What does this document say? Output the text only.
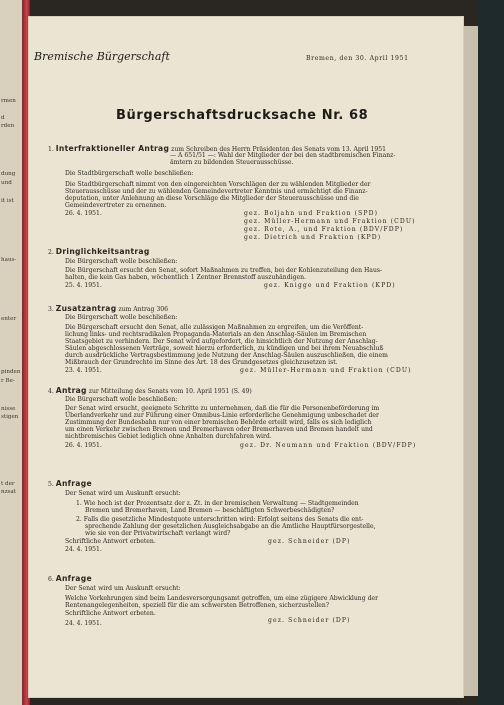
rmen
d
rden
dung
und
it ist
haus-
enter
pinden
r Be-
nisse
stigen
t der
nzsat
Bremische Bürgerschaft	Bremen, den 30. April 1951
Bürgerschaftsdrucksache Nr. 68
1. Interfraktioneller Antrag zum Schreiben des Herrn Präsidenten des Senats vom 13. April 1951
— A 651/51 —: Wahl der Mitglieder der bei den stadtbremischen Finanz-
ämtern zu bildenden Steuerausschüsse.
Die Stadtbürgerschaft wolle beschließen:
Die Stadtbürgerschaft nimmt von den eingereichten Vorschlägen der zu wählenden Mitglieder der
Steuerausschüsse und der zu wählenden Gemeindevertreter Kenntnis und ermächtigt die Finanz-
deputation, unter Anlehnung an diese Vorschläge die Mitglieder der Steuerausschüsse und die
Gemeindevertreter zu ernennen.
26. 4. 1951.	gez. Boljahn und Fraktion (SPD)
gez. Müller-Hermann und Fraktion (CDU)
gez. Rote, A., und Fraktion (BDV/FDP)
gez. Dietrich und Fraktion (KPD)
2. Dringlichkeitsantrag
Die Bürgerschaft wolle beschließen:
Die Bürgerschaft ersucht den Senat, sofort Maßnahmen zu treffen, bei der Kohlenzuteilung den Haus-
halten, die kein Gas haben, wöchentlich 1 Zentner Brennstoff auszuhändigen.
25. 4. 1951.	gez. Knigge und Fraktion (KPD)
3. Zusatzantrag zum Antrag 306
Die Bürgerschaft wolle beschließen:
Die Bürgerschaft ersucht den Senat, alle zulässigen Maßnahmen zu ergreifen, um die Veröffent-
lichung links- und rechtsradikalen Propaganda-Materials an den Anschlag-Säulen im Bremischen
Staatsgebiet zu verhindern. Der Senat wird aufgefordert, die hinsichtlich der Nutzung der Anschlag-
Säulen abgeschlossenen Verträge, soweit hierzu erforderlich, zu kündigen und bei ihrem Neuabschluß
durch ausdrückliche Vertragsbestimmung jede Nutzung der Anschlag-Säulen auszuschließen, die einem
Mißbrauch der Grundrechte im Sinne des Art. 18 des Grundgesetzes gleichzusetzen ist.
23. 4. 1951.	gez. Müller-Hermann und Fraktion (CDU)
4. Antrag zur Mitteilung des Senats vom 10. April 1951 (S. 49)
Die Bürgerschaft wolle beschließen:
Der Senat wird ersucht, geeignete Schritte zu unternehmen, daß die für die Personenbeförderung im
Überlandverkehr und zur Führung einer Omnibus-Linie erforderliche Genehmigung unbeschadet der
Zustimmung der Bundesbahn nur von einer bremischen Behörde erteilt wird, falls es sich lediglich
um einen Verkehr zwischen Bremen und Bremerhaven oder Bremerhaven und Bremen handelt und
nichtbremisches Gebiet lediglich ohne Anhalten durchfahren wird.
26. 4. 1951.	gez. Dr. Neumann und Fraktion (BDV/FDP)
5. Anfrage
Der Senat wird um Auskunft ersucht:
1. Wie hoch ist der Prozentsatz der z. Zt. in der bremischen Verwaltung — Stadtgemeinden
Bremen und Bremerhaven, Land Bremen — beschäftigten Schwerbeschädigten?
2. Falls die gesetzliche Mindestquote unterschritten wird: Erfolgt seitens des Senats die ent-
sprechende Zahlung der gesetzlichen Ausgleichsabgabe an die Amtliche Hauptfürsorgestelle,
wie sie von der Privatwirtschaft verlangt wird?
Schriftliche Antwort erbeten.	gez. Schneider (DP)
24. 4. 1951.
6. Anfrage
Der Senat wird um Auskunft ersucht:
Welche Vorkehrungen sind beim Landesversorgungsamt getroffen, um eine zügigere Abwicklung der
Rentenangelegenheiten, speziell für die am schwersten Betroffenen, sicherzustellen?
Schriftliche Antwort erbeten.
gez. Schneider (DP)
24. 4. 1951.
